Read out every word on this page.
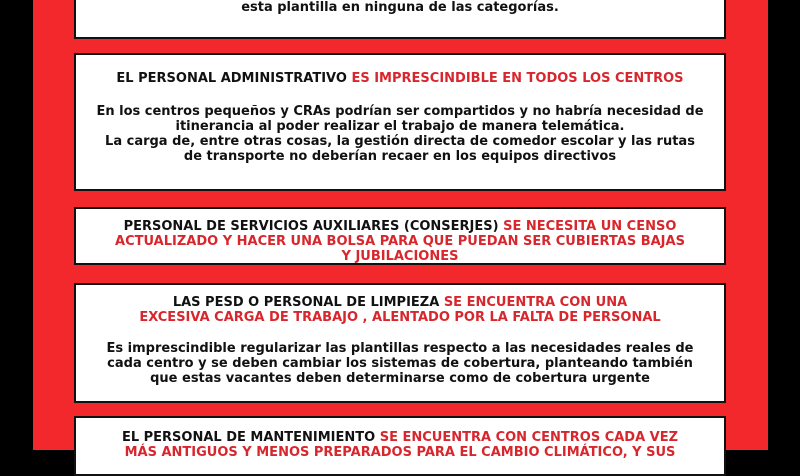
esta plantilla en ninguna de las categorías.

EL PERSONAL ADMINISTRATIVO ES IMPRESCINDIBLE EN TODOS LOS CENTROS

En los centros pequeños y CRAs podrían ser compartidos y no habría necesidad de itinerancia al poder realizar el trabajo de manera telemática.

La carga de, entre otras cosas, la gestión directa de comedor escolar y las rutas de transporte no deberían recaer en los equipos directivos

PERSONAL DE SERVICIOS AUXILIARES (CONSERJES) SE NECESITA UN CENSO ACTUALIZADO Y HACER UNA BOLSA PARA QUE PUEDAN SER CUBIERTAS BAJAS Y JUBILACIONES

LAS PESD O PERSONAL DE LIMPIEZA SE ENCUENTRA CON UNA EXCESIVA CARGA DE TRABAJO , ALENTADO POR LA FALTA DE PERSONAL

Es imprescindible regularizar las plantillas respecto a las necesidades reales de cada centro y se deben cambiar los sistemas de cobertura, planteando también que estas vacantes deben determinarse como de cobertura urgente

EL PERSONAL DE MANTENIMIENTO SE ENCUENTRA CON CENTROS CADA VEZ MÁS ANTIGUOS Y MENOS PREPARADOS PARA EL CAMBIO CLIMÁTICO, Y SUS
